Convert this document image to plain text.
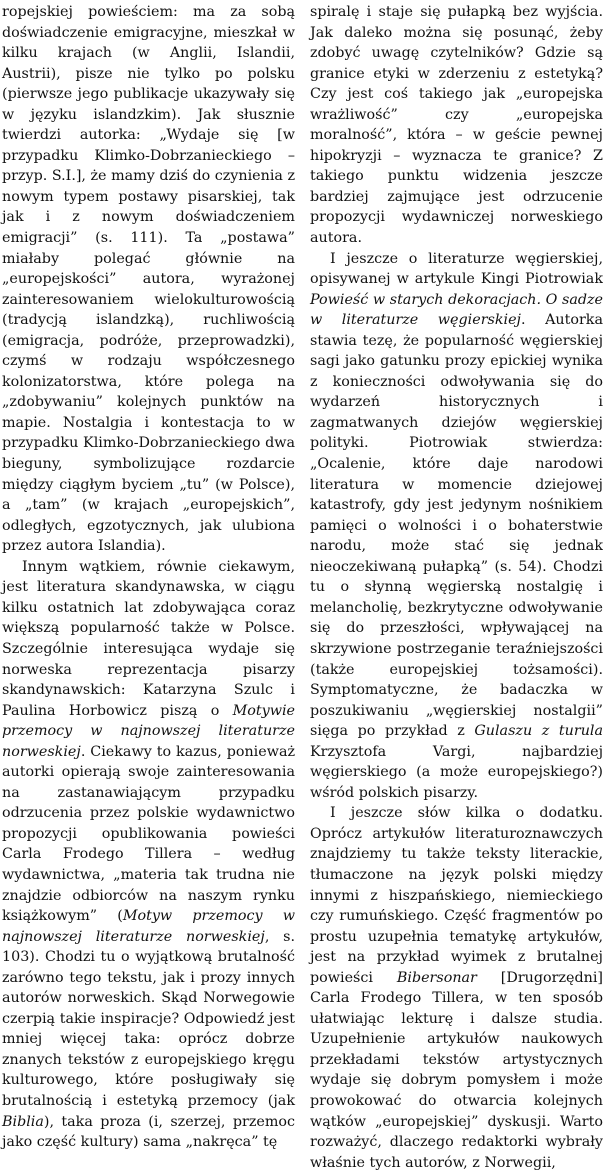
ropejskiej powieściem: ma za sobą doświadczenie emigracyjne, mieszkał w kilku krajach (w Anglii, Islandii, Austrii), pisze nie tylko po polsku (pierwsze jego publikacje ukazywały się w języku islandzkim). Jak słusznie twierdzi autorka: „Wydaje się [w przypadku Klimko-Dobrzanieckiego – przyp. S.I.], że mamy dziś do czynienia z nowym typem postawy pisarskiej, tak jak i z nowym doświadczeniem emigracji” (s. 111). Ta „postawa” miałaby polegać głównie na „europejskości” autora, wyrażonej zainteresowaniem wielokulturowością (tradycją islandzką), ruchliwością (emigracja, podróże, przeprowadzki), czymś w rodzaju współczesnego kolonizatorstwa, które polega na „zdobywaniu” kolejnych punktów na mapie. Nostalgia i kontestacja to w przypadku Klimko-Dobrzanieckiego dwa bieguny, symbolizujące rozdarcie między ciągłym byciem „tu” (w Polsce), a „tam” (w krajach „europejskich”, odległych, egzotycznych, jak ulubiona przez autora Islandia).

Innym wątkiem, równie ciekawym, jest literatura skandynawska, w ciągu kilku ostatnich lat zdobywająca coraz większą popularność także w Polsce. Szczególnie interesująca wydaje się norweska reprezentacja pisarzy skandynawskich: Katarzyna Szulc i Paulina Horbowicz piszą o Motywie przemocy w najnowszej literaturze norweskiej. Ciekawy to kazus, ponieważ autorki opierają swoje zainteresowania na zastanawiającym przypadku odrzucenia przez polskie wydawnictwo propozycji opublikowania powieści Carla Frodego Tillera – według wydawnictwa, „materia tak trudna nie znajdzie odbiorców na naszym rynku książkowym” (Motyw przemocy w najnowszej literaturze norweskiej, s. 103). Chodzi tu o wyjątkową brutalność zarówno tego tekstu, jak i prozy innych autorów norweskich. Skąd Norwegowie czerpią takie inspiracje? Odpowiedź jest mniej więcej taka: oprócz dobrze znanych tekstów z europejskiego kręgu kulturowego, które posługiwały się brutalnością i estetyką przemocy (jak Biblia), taka proza (i, szerzej, przemoc jako część kultury) sama „nakręca” tę

spiralę i staje się pułapką bez wyjścia. Jak daleko można się posunąć, żeby zdobyć uwagę czytelników? Gdzie są granice etyki w zderzeniu z estetyką? Czy jest coś takiego jak „europejska wrażliwość” czy „europejska moralność”, która – w geście pewnej hipokryzji – wyznacza te granice? Z takiego punktu widzenia jeszcze bardziej zajmujące jest odrzucenie propozycji wydawniczej norweskiego autora.

I jeszcze o literaturze węgierskiej, opisywanej w artykule Kingi Piotrowiak Powieść w starych dekoracjach. O sadze w literaturze węgierskiej. Autorka stawia tezę, że popularność węgierskiej sagi jako gatunku prozy epickiej wynika z konieczności odwoływania się do wydarzeń historycznych i zagmatwanych dziejów węgierskiej polityki. Piotrowiak stwierdza: „Ocalenie, które daje narodowi literatura w momencie dziejowej katastrofy, gdy jest jedynym nośnikiem pamięci o wolności i o bohaterstwie narodu, może stać się jednak nieoczekiwaną pułapką” (s. 54). Chodzi tu o słynną węgierską nostalgię i melancholię, bezkrytyczne odwoływanie się do przeszłości, wpływającej na skrzywione postrzeganie teraźniejszości (także europejskiej tożsamości). Symptomatyczne, że badaczka w poszukiwaniu „węgierskiej nostalgii” sięga po przykład z Gulaszu z turula Krzysztofa Vargi, najbardziej węgierskiego (a może europejskiego?) wśród polskich pisarzy.

I jeszcze słów kilka o dodatku. Oprócz artykułów literaturoznawczych znajdziemy tu także teksty literackie, tłumaczone na język polski między innymi z hiszpańskiego, niemieckiego czy rumuńskiego. Część fragmentów po prostu uzupełnia tematykę artykułów, jest na przykład wyimek z brutalnej powieści Bibersonar [Drugorzędni] Carla Frodego Tillera, w ten sposób ułatwiając lekturę i dalsze studia. Uzupełnienie artykułów naukowych przekładami tekstów artystycznych wydaje się dobrym pomysłem i może prowokować do otwarcia kolejnych wątków „europejskiej” dyskusji. Warto rozważyć, dlaczego redaktorki wybrały właśnie tych autorów, z Norwegii,
